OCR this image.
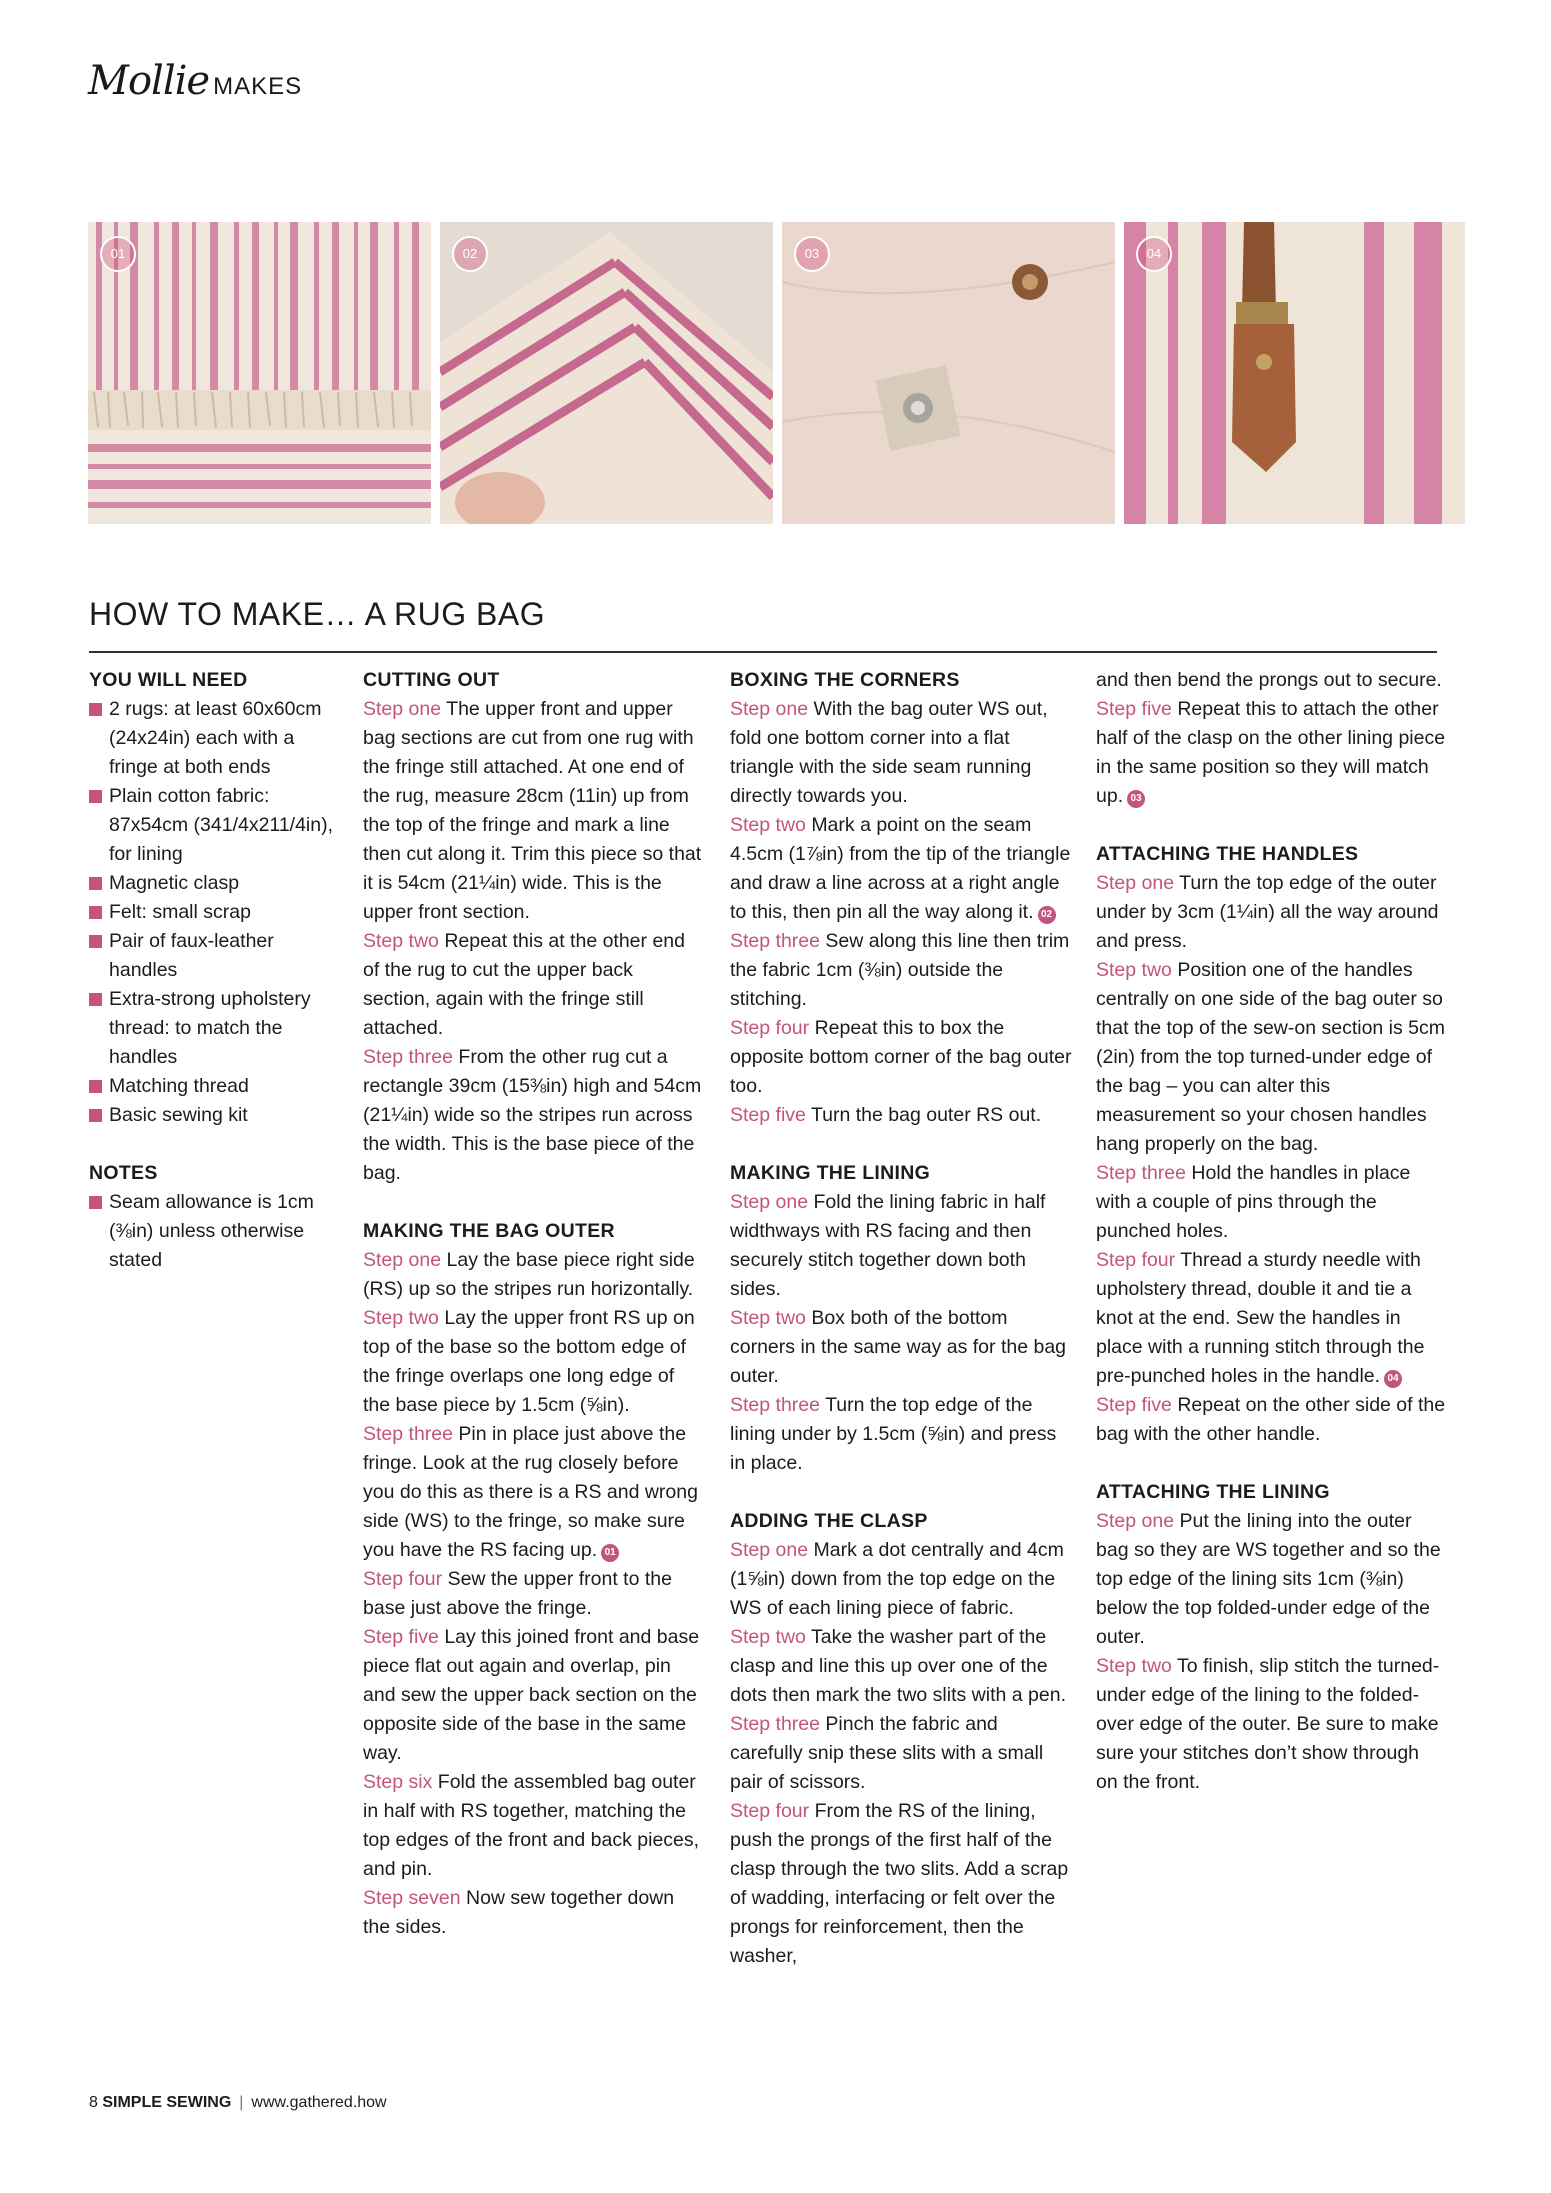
Mollie MAKES
01	02	03	04
HOW TO MAKE… A RUG BAG

YOU WILL NEED

2 rugs: at least 60x60cm (24x24in) each with a fringe at both ends
Plain cotton fabric: 87x54cm (341/4x211/4in), for lining
Magnetic clasp
Felt: small scrap
Pair of faux-leather handles
Extra-strong upholstery thread: to match the handles
Matching thread
Basic sewing kit

NOTES

Seam allowance is 1cm (⅜in) unless otherwise stated

CUTTING OUT

Step one The upper front and upper bag sections are cut from one rug with the fringe still attached. At one end of the rug, measure 28cm (11in) up from the top of the fringe and mark a line then cut along it. Trim this piece so that it is 54cm (21¼in) wide. This is the upper front section.

Step two Repeat this at the other end of the rug to cut the upper back section, again with the fringe still attached.

Step three From the other rug cut a rectangle 39cm (15⅜in) high and 54cm (21¼in) wide so the stripes run across the width. This is the base piece of the bag.

MAKING THE BAG OUTER

Step one Lay the base piece right side (RS) up so the stripes run horizontally.

Step two Lay the upper front RS up on top of the base so the bottom edge of the fringe overlaps one long edge of the base piece by 1.5cm (⅝in).

Step three Pin in place just above the fringe. Look at the rug closely before you do this as there is a RS and wrong side (WS) to the fringe, so make sure you have the RS facing up. 01

Step four Sew the upper front to the base just above the fringe.

Step five Lay this joined front and base piece flat out again and overlap, pin and sew the upper back section on the opposite side of the base in the same way.

Step six Fold the assembled bag outer in half with RS together, matching the top edges of the front and back pieces, and pin.

Step seven Now sew together down the sides.

BOXING THE CORNERS

Step one With the bag outer WS out, fold one bottom corner into a flat triangle with the side seam running directly towards you.

Step two Mark a point on the seam 4.5cm (1⅞in) from the tip of the triangle and draw a line across at a right angle to this, then pin all the way along it. 02

Step three Sew along this line then trim the fabric 1cm (⅜in) outside the stitching.

Step four Repeat this to box the opposite bottom corner of the bag outer too.

Step five Turn the bag outer RS out.

MAKING THE LINING

Step one Fold the lining fabric in half widthways with RS facing and then securely stitch together down both sides.

Step two Box both of the bottom corners in the same way as for the bag outer.

Step three Turn the top edge of the lining under by 1.5cm (⅝in) and press in place.

ADDING THE CLASP

Step one Mark a dot centrally and 4cm (1⅝in) down from the top edge on the WS of each lining piece of fabric.

Step two Take the washer part of the clasp and line this up over one of the dots then mark the two slits with a pen.

Step three Pinch the fabric and carefully snip these slits with a small pair of scissors.

Step four From the RS of the lining, push the prongs of the first half of the clasp through the two slits. Add a scrap of wadding, interfacing or felt over the prongs for reinforcement, then the washer,

and then bend the prongs out to secure.

Step five Repeat this to attach the other half of the clasp on the other lining piece in the same position so they will match up. 03

ATTACHING THE HANDLES

Step one Turn the top edge of the outer under by 3cm (1¼in) all the way around and press.

Step two Position one of the handles centrally on one side of the bag outer so that the top of the sew-on section is 5cm (2in) from the top turned-under edge of the bag – you can alter this measurement so your chosen handles hang properly on the bag.

Step three Hold the handles in place with a couple of pins through the punched holes.

Step four Thread a sturdy needle with upholstery thread, double it and tie a knot at the end. Sew the handles in place with a running stitch through the pre-punched holes in the handle. 04

Step five Repeat on the other side of the bag with the other handle.

ATTACHING THE LINING

Step one Put the lining into the outer bag so they are WS together and so the top edge of the lining sits 1cm (⅜in) below the top folded-under edge of the outer.

Step two To finish, slip stitch the turned-under edge of the lining to the folded-over edge of the outer. Be sure to make sure your stitches don’t show through on the front.

8 SIMPLE SEWING | www.gathered.how
